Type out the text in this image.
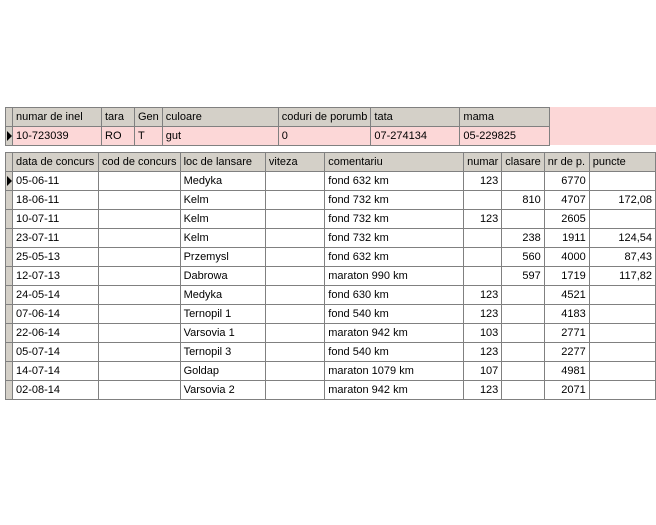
	numar de inel	tara	Gen	culoare	coduri de porumb	tata	mama
	10-723039	RO	T	gut	0	07-274134	05-229825
	data de concurs	cod de concurs	loc de lansare	viteza	comentariu	numar	clasare	nr de p.	puncte
	05-06-11		Medyka		fond 632 km	123		6770	
	18-06-11		Kelm		fond 732 km		810	4707	172,08
	10-07-11		Kelm		fond 732 km	123		2605	
	23-07-11		Kelm		fond 732 km		238	1911	124,54
	25-05-13		Przemysl		fond 632 km		560	4000	87,43
	12-07-13		Dabrowa		maraton 990 km		597	1719	117,82
	24-05-14		Medyka		fond 630 km	123		4521	
	07-06-14		Ternopil 1		fond 540 km	123		4183	
	22-06-14		Varsovia 1		maraton 942 km	103		2771	
	05-07-14		Ternopil 3		fond 540 km	123		2277	
	14-07-14		Goldap		maraton 1079 km	107		4981	
	02-08-14		Varsovia 2		maraton 942 km	123		2071	
